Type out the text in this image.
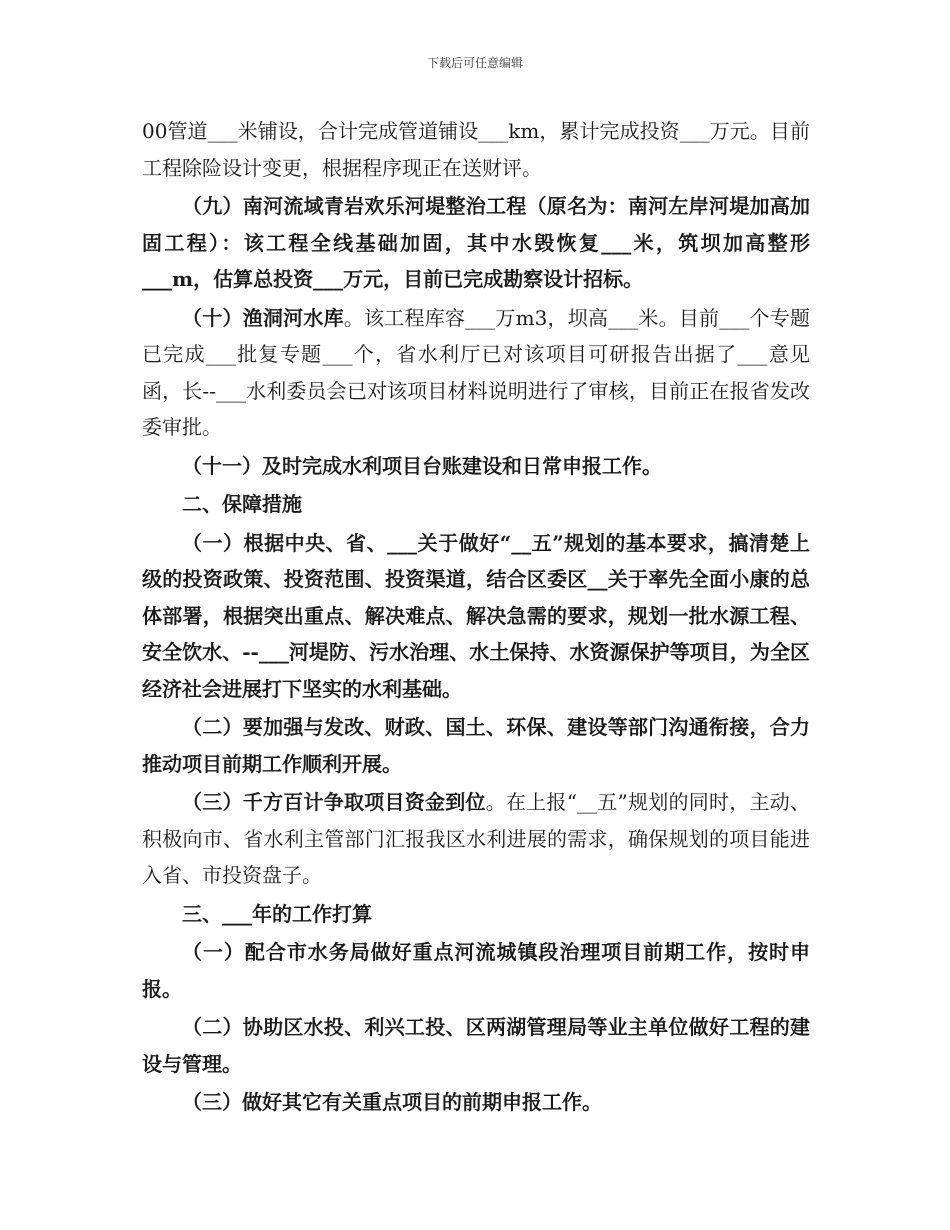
下载后可任意编辑

00管道___米铺设，合计完成管道铺设___km，累计完成投资___万元。目前工程除险设计变更，根据程序现正在送财评。

（九）南河流域青岩欢乐河堤整治工程（原名为：南河左岸河堤加高加固工程）：该工程全线基础加固，其中水毁恢复___米，筑坝加高整形___m，估算总投资___万元，目前已完成勘察设计招标。

（十）渔洞河水库。该工程库容___万m3，坝高___米。目前___个专题已完成___批复专题___个，省水利厅已对该项目可研报告出据了___意见函，长--___水利委员会已对该项目材料说明进行了审核，目前正在报省发改委审批。

（十一）及时完成水利项目台账建设和日常申报工作。

二、保障措施

（一）根据中央、省、___关于做好“__五”规划的基本要求，搞清楚上级的投资政策、投资范围、投资渠道，结合区委区__关于率先全面小康的总体部署，根据突出重点、解决难点、解决急需的要求，规划一批水源工程、安全饮水、--___河堤防、污水治理、水土保持、水资源保护等项目，为全区经济社会进展打下坚实的水利基础。

（二）要加强与发改、财政、国土、环保、建设等部门沟通衔接，合力推动项目前期工作顺利开展。

（三）千方百计争取项目资金到位。在上报“__五”规划的同时，主动、积极向市、省水利主管部门汇报我区水利进展的需求，确保规划的项目能进入省、市投资盘子。

三、___年的工作打算

（一）配合市水务局做好重点河流城镇段治理项目前期工作，按时申报。

（二）协助区水投、利兴工投、区两湖管理局等业主单位做好工程的建设与管理。

（三）做好其它有关重点项目的前期申报工作。
